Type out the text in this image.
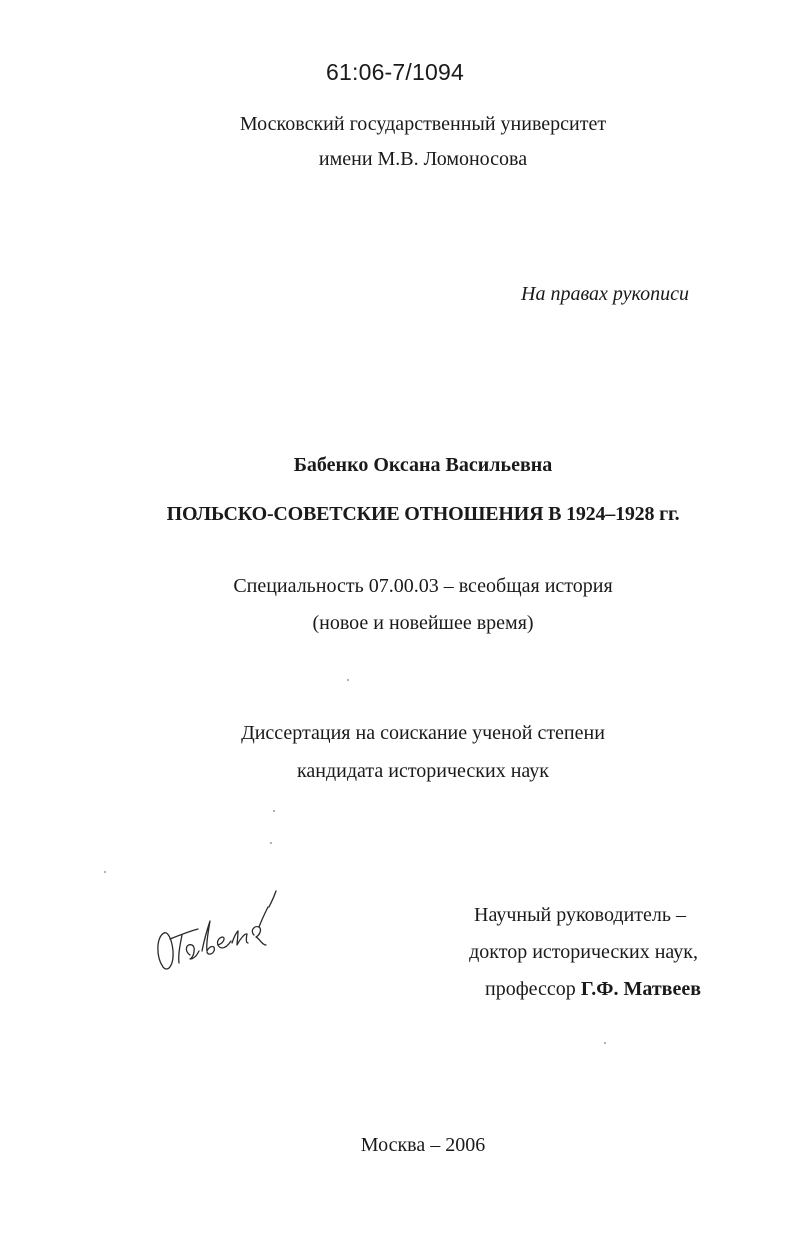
61:06-7/1094
Московский государственный университет
имени М.В. Ломоносова
На правах рукописи
Бабенко Оксана Васильевна
ПОЛЬСКО-СОВЕТСКИЕ ОТНОШЕНИЯ В 1924–1928 гг.
Специальность 07.00.03 – всеобщая история
(новое и новейшее время)
Диссертация на соискание ученой степени
кандидата исторических наук
Научный руководитель –
доктор исторических наук,
профессор Г.Ф. Матвеев
Москва – 2006
